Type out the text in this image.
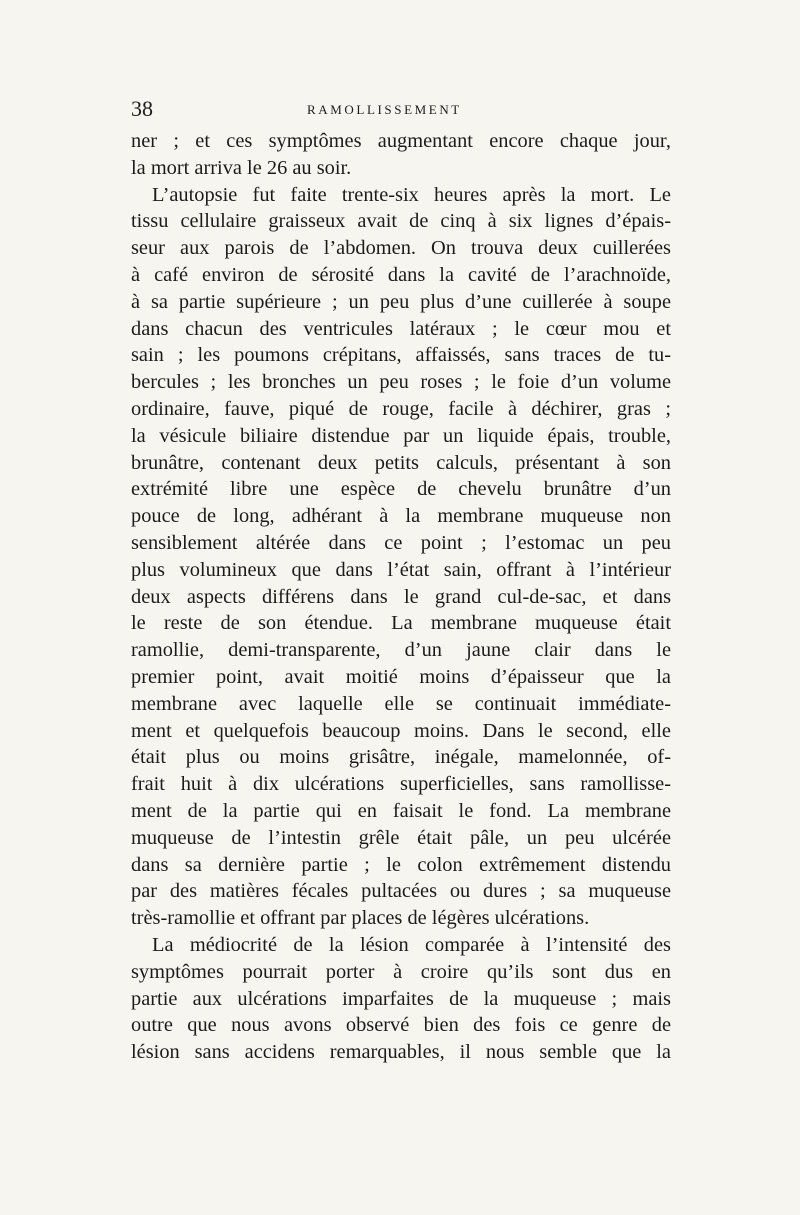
38	RAMOLLISSEMENT
ner ; et ces symptômes augmentant encore chaque jour,
la mort arriva le 26 au soir.
L’autopsie fut faite trente-six heures après la mort. Le
tissu cellulaire graisseux avait de cinq à six lignes d’épais-
seur aux parois de l’abdomen. On trouva deux cuillerées
à café environ de sérosité dans la cavité de l’arachnoïde,
à sa partie supérieure ; un peu plus d’une cuillerée à soupe
dans chacun des ventricules latéraux ; le cœur mou et
sain ; les poumons crépitans, affaissés, sans traces de tu-
bercules ; les bronches un peu roses ; le foie d’un volume
ordinaire, fauve, piqué de rouge, facile à déchirer, gras ;
la vésicule biliaire distendue par un liquide épais, trouble,
brunâtre, contenant deux petits calculs, présentant à son
extrémité libre une espèce de chevelu brunâtre d’un
pouce de long, adhérant à la membrane muqueuse non
sensiblement altérée dans ce point ; l’estomac un peu
plus volumineux que dans l’état sain, offrant à l’intérieur
deux aspects différens dans le grand cul-de-sac, et dans
le reste de son étendue. La membrane muqueuse était
ramollie, demi-transparente, d’un jaune clair dans le
premier point, avait moitié moins d’épaisseur que la
membrane avec laquelle elle se continuait immédiate-
ment et quelquefois beaucoup moins. Dans le second, elle
était plus ou moins grisâtre, inégale, mamelonnée, of-
frait huit à dix ulcérations superficielles, sans ramollisse-
ment de la partie qui en faisait le fond. La membrane
muqueuse de l’intestin grêle était pâle, un peu ulcérée
dans sa dernière partie ; le colon extrêmement distendu
par des matières fécales pultacées ou dures ; sa muqueuse
très-ramollie et offrant par places de légères ulcérations.
La médiocrité de la lésion comparée à l’intensité des
symptômes pourrait porter à croire qu’ils sont dus en
partie aux ulcérations imparfaites de la muqueuse ; mais
outre que nous avons observé bien des fois ce genre de
lésion sans accidens remarquables, il nous semble que la
